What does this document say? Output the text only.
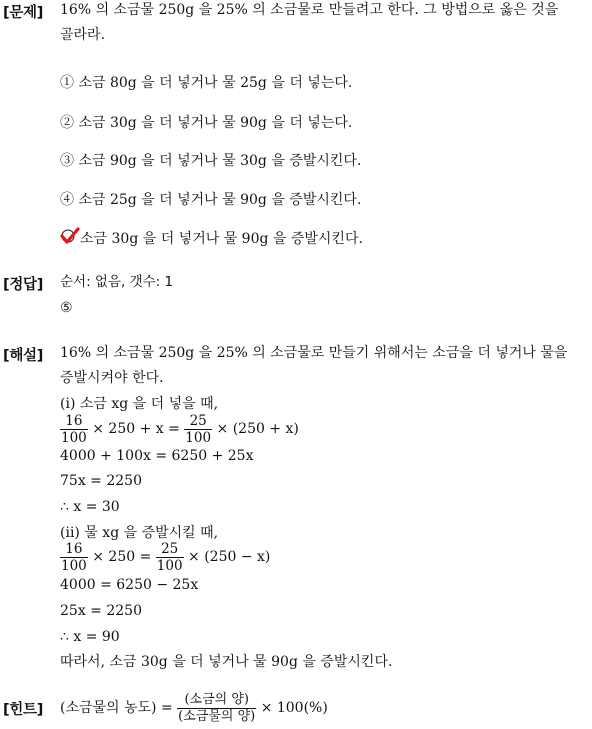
[문제] 16% 의 소금물 250g 을 25% 의 소금물로 만들려고 한다. 그 방법으로 옳은 것을
골라라.
① 소금 80g 을 더 넣거나 물 25g 을 더 넣는다.
② 소금 30g 을 더 넣거나 물 90g 을 더 넣는다.
③ 소금 90g 을 더 넣거나 물 30g 을 증발시킨다.
④ 소금 25g 을 더 넣거나 물 90g 을 증발시킨다.
소금 30g 을 더 넣거나 물 90g 을 증발시킨다.
[정답] 순서: 없음, 갯수: 1
⑤
[해설] 16% 의 소금물 250g 을 25% 의 소금물로 만들기 위해서는 소금을 더 넣거나 물을
증발시켜야 한다.
(ⅰ) 소금 xg 을 더 넣을 때,
$\frac{16}{100} \times 250 + x = \frac{25}{100} \times (250 + x)$
4000 + 100x = 6250 + 25x
75x = 2250
∴ x = 30
(ⅱ) 물 xg 을 증발시킬 때,
$\frac{16}{100} \times 250 = \frac{25}{100} \times (250 - x)$
4000 = 6250 − 25x
25x = 2250
∴ x = 90
따라서, 소금 30g 을 더 넣거나 물 90g 을 증발시킨다.
[힌트] (소금물의 농도) = $\frac{\text{(소금의 양)}}{\text{(소금물의 양)}} \times 100(\%)$
